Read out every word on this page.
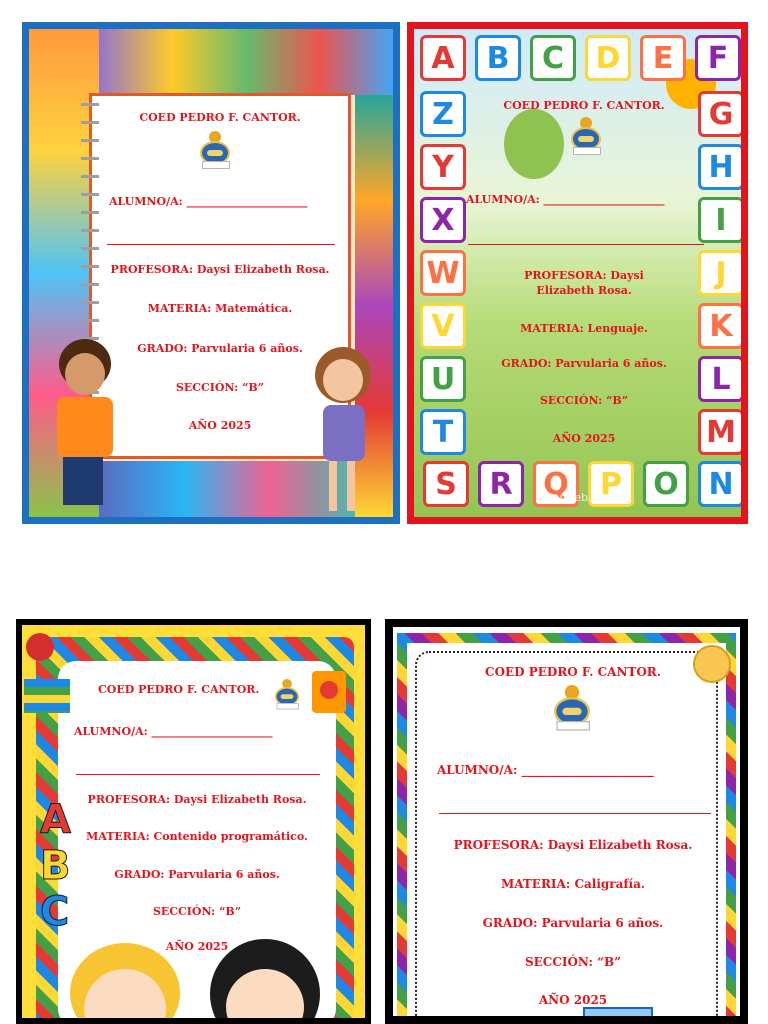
COED PEDRO F. CANTOR.
ALUMNO/A: ______________________
PROFESORA: Daysi Elizabeth Rosa.
MATERIA: Matemática.
GRADO: Parvularia 6 años.
SECCIÓN: “B”
AÑO 2025
A	B	C	D	E	F
G
H
I
J
K
L
M
N
O
P
Q
R
S
T
U
V
W
X
Y
Z	COED PEDRO F. CANTOR.
ALUMNO/A: ______________________
PROFESORA: Daysi
Elizabeth Rosa.
MATERIA: Lenguaje.
GRADO: Parvularia 6 años.
SECCIÓN: “B”
AÑO 2025
pre-eb...ers
A
B
C
COED PEDRO F. CANTOR.
ALUMNO/A: ______________________
PROFESORA: Daysi Elizabeth Rosa.
MATERIA: Contenido programático.
GRADO: Parvularia 6 años.
SECCIÓN: “B”
AÑO 2025
COED PEDRO F. CANTOR.
ALUMNO/A: ______________________
PROFESORA: Daysi Elizabeth Rosa.
MATERIA: Caligrafía.
GRADO: Parvularia 6 años.
SECCIÓN: “B”
AÑO 2025
